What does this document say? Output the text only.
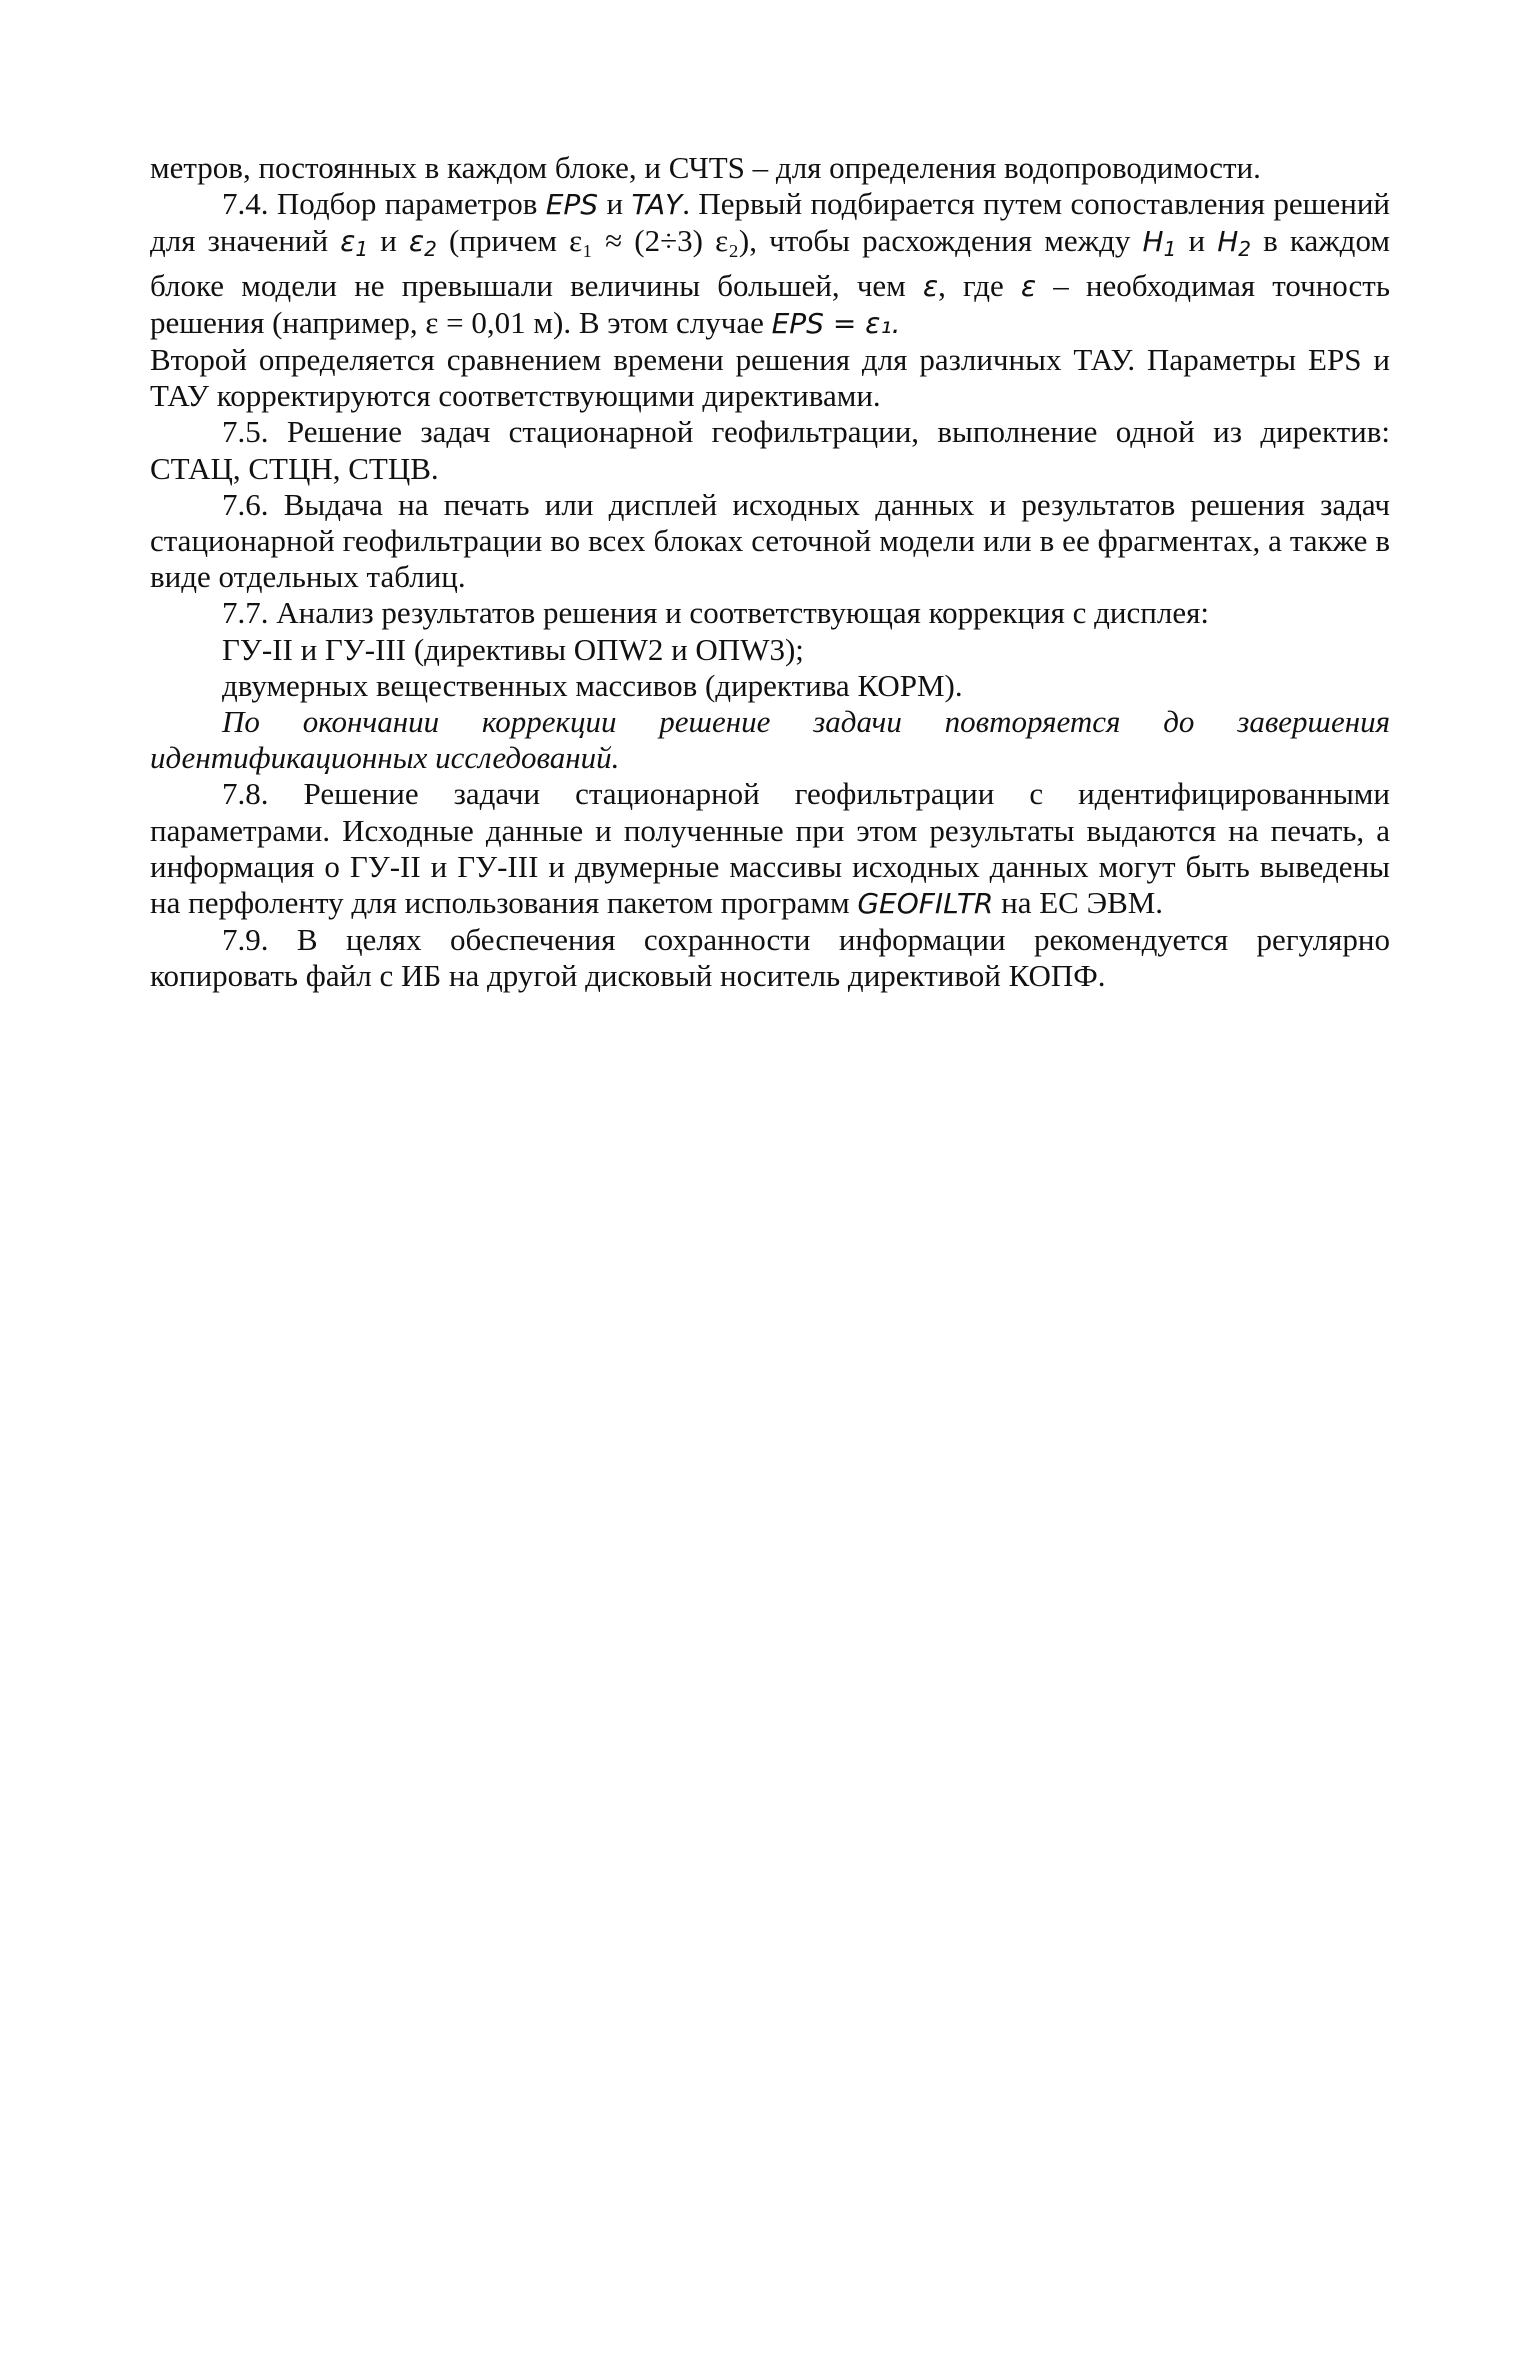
метров, постоянных в каждом блоке, и СЧТS – для определения водопроводимости.

7.4. Подбор параметров EPS и TAY. Первый подбирается путем сопоставления решений для значений $\varepsilon_1$ и $\varepsilon_2$ (причем ε₁ ≈ (2÷3) ε₂), чтобы расхождения между $H_1$ и $H_2$ в каждом блоке модели не превышали величины большей, чем ε, где ε – необходимая точность решения (например, ε = 0,01 м). В этом случае EPS = ε₁.

Второй определяется сравнением времени решения для различных ТАУ. Параметры EPS и ТАУ корректируются соответствующими директивами.

7.5. Решение задач стационарной геофильтрации, выполнение одной из директив: СТАЦ, СТЦН, СТЦВ.

7.6. Выдача на печать или дисплей исходных данных и результатов решения задач стационарной геофильтрации во всех блоках сеточной модели или в ее фрагментах, а также в виде отдельных таблиц.

7.7. Анализ результатов решения и соответствующая коррекция с дисплея:

ГУ-II и ГУ-III (директивы ОПW2 и ОПW3);

двумерных вещественных массивов (директива КОРМ).

По окончании коррекции решение задачи повторяется до завершения идентификационных исследований.

7.8. Решение задачи стационарной геофильтрации с идентифицированными параметрами. Исходные данные и полученные при этом результаты выдаются на печать, а информация о ГУ-II и ГУ-III и двумерные массивы исходных данных могут быть выведены на перфоленту для использования пакетом программ GEOFILTR на ЕС ЭВМ.

7.9. В целях обеспечения сохранности информации рекомендуется регулярно копировать файл с ИБ на другой дисковый носитель директивой КОПФ.
